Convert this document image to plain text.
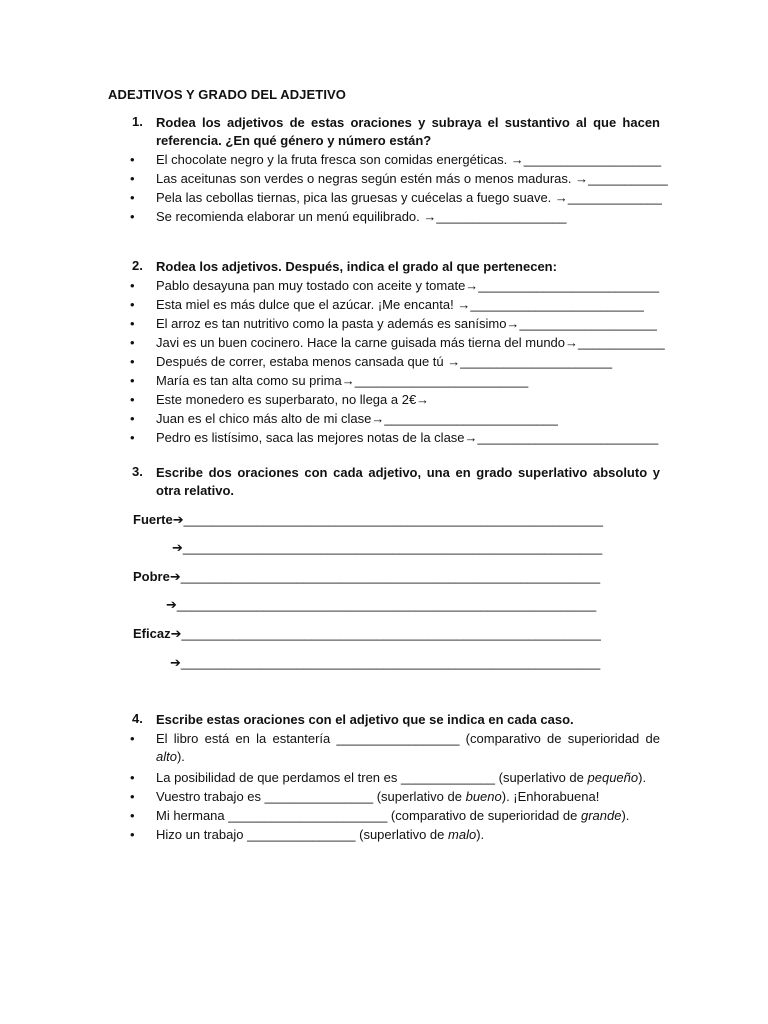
ADEJTIVOS Y GRADO DEL ADJETIVO
1. Rodea los adjetivos de estas oraciones y subraya el sustantivo al que hacen referencia. ¿En qué género y número están?
• El chocolate negro y la fruta fresca son comidas energéticas. →___________________
• Las aceitunas son verdes o negras según estén más o menos maduras. →___________
• Pela las cebollas tiernas, pica las gruesas y cuécelas a fuego suave. →_____________
• Se recomienda elaborar un menú equilibrado. →__________________
2. Rodea los adjetivos. Después, indica el grado al que pertenecen:
• Pablo desayuna pan muy tostado con aceite y tomate→_________________________
• Esta miel es más dulce que el azúcar. ¡Me encanta! →________________________
• El arroz es tan nutritivo como la pasta y además es sanísimo→___________________
• Javi es un buen cocinero. Hace la carne guisada más tierna del mundo→____________
• Después de correr, estaba menos cansada que tú →_____________________
• María es tan alta como su prima→________________________
• Este monedero es superbarato, no llega a 2€→
• Juan es el chico más alto de mi clase→________________________
• Pedro es listísimo, saca las mejores notas de la clase→_________________________
3. Escribe dos oraciones con cada adjetivo, una en grado superlativo absoluto y otra relativo.
Fuerte➔__________________________________________________________
➔__________________________________________________________
Pobre➔__________________________________________________________
➔__________________________________________________________
Eficaz➔__________________________________________________________
➔__________________________________________________________
4. Escribe estas oraciones con el adjetivo que se indica en cada caso.
• El libro está en la estantería _________________ (comparativo de superioridad de alto).
• La posibilidad de que perdamos el tren es _____________ (superlativo de pequeño).
• Vuestro trabajo es _______________ (superlativo de bueno). ¡Enhorabuena!
• Mi hermana ______________________ (comparativo de superioridad de grande).
• Hizo un trabajo _______________ (superlativo de malo).
